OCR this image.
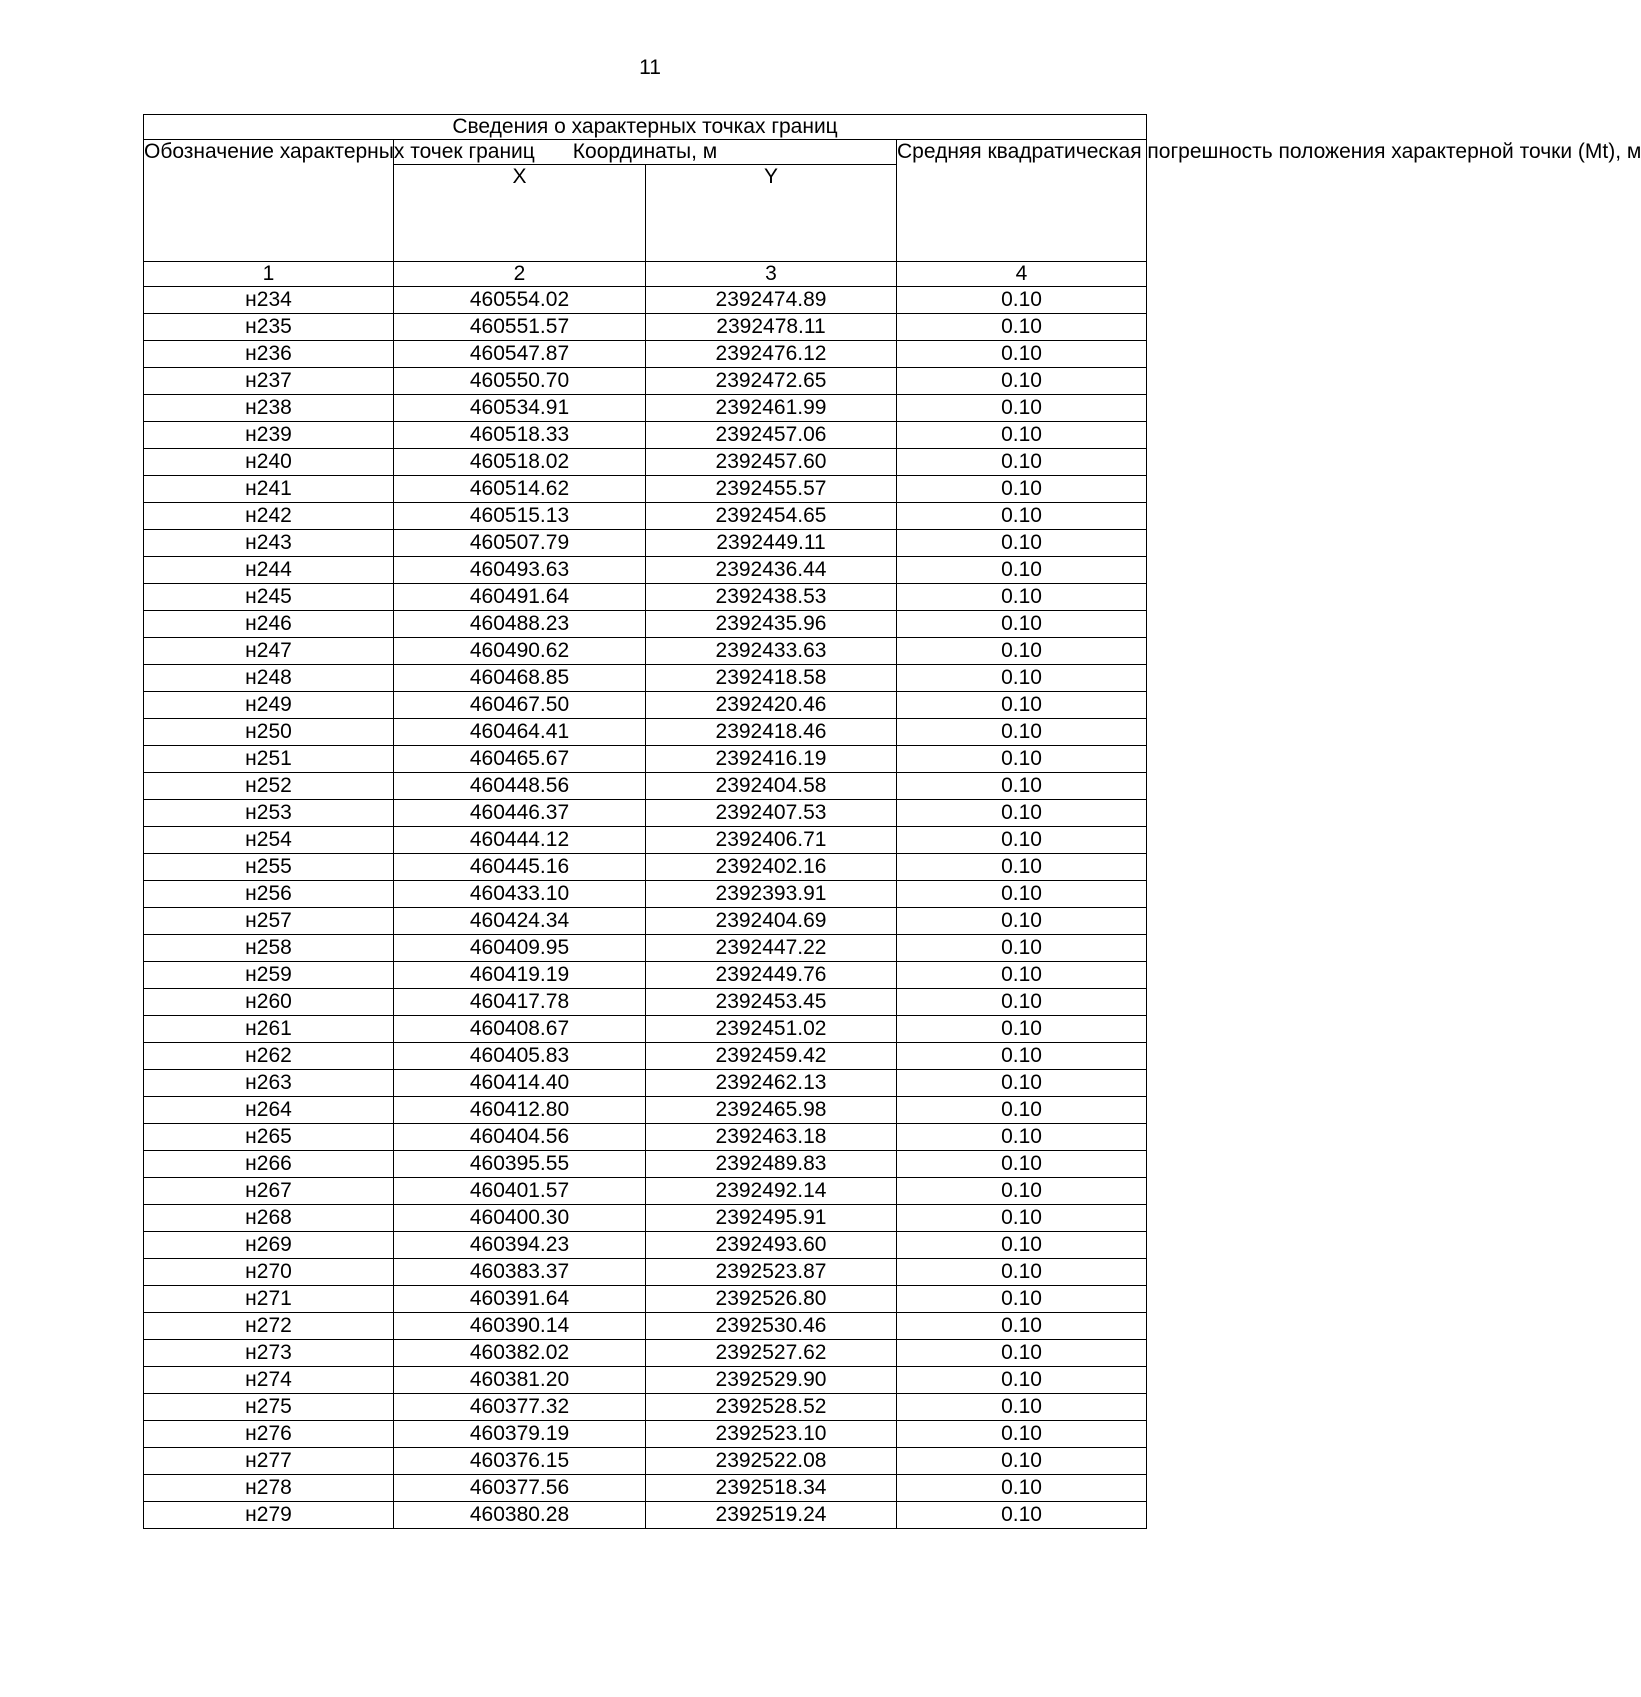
11
Сведения о характерных точках границ			
Обозначение характерных точек границ	Координаты, м		Средняя квадратическая погрешность положения характерной точки (Mt), м
	X	Y	
1	2	3	4
н234	460554.02	2392474.89	0.10
н235	460551.57	2392478.11	0.10
н236	460547.87	2392476.12	0.10
н237	460550.70	2392472.65	0.10
н238	460534.91	2392461.99	0.10
н239	460518.33	2392457.06	0.10
н240	460518.02	2392457.60	0.10
н241	460514.62	2392455.57	0.10
н242	460515.13	2392454.65	0.10
н243	460507.79	2392449.11	0.10
н244	460493.63	2392436.44	0.10
н245	460491.64	2392438.53	0.10
н246	460488.23	2392435.96	0.10
н247	460490.62	2392433.63	0.10
н248	460468.85	2392418.58	0.10
н249	460467.50	2392420.46	0.10
н250	460464.41	2392418.46	0.10
н251	460465.67	2392416.19	0.10
н252	460448.56	2392404.58	0.10
н253	460446.37	2392407.53	0.10
н254	460444.12	2392406.71	0.10
н255	460445.16	2392402.16	0.10
н256	460433.10	2392393.91	0.10
н257	460424.34	2392404.69	0.10
н258	460409.95	2392447.22	0.10
н259	460419.19	2392449.76	0.10
н260	460417.78	2392453.45	0.10
н261	460408.67	2392451.02	0.10
н262	460405.83	2392459.42	0.10
н263	460414.40	2392462.13	0.10
н264	460412.80	2392465.98	0.10
н265	460404.56	2392463.18	0.10
н266	460395.55	2392489.83	0.10
н267	460401.57	2392492.14	0.10
н268	460400.30	2392495.91	0.10
н269	460394.23	2392493.60	0.10
н270	460383.37	2392523.87	0.10
н271	460391.64	2392526.80	0.10
н272	460390.14	2392530.46	0.10
н273	460382.02	2392527.62	0.10
н274	460381.20	2392529.90	0.10
н275	460377.32	2392528.52	0.10
н276	460379.19	2392523.10	0.10
н277	460376.15	2392522.08	0.10
н278	460377.56	2392518.34	0.10
н279	460380.28	2392519.24	0.10
